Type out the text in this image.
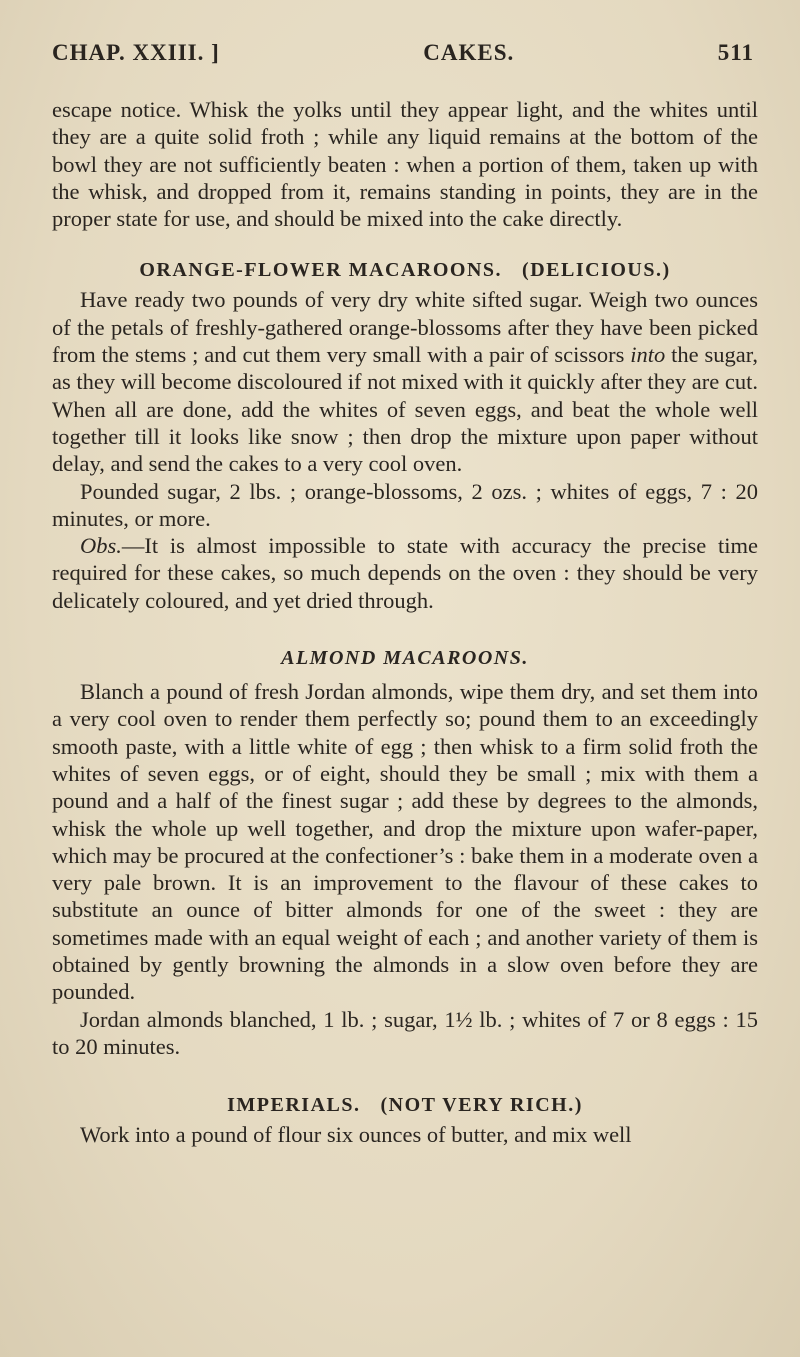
CHAP. XXIII. ]	CAKES.	511

escape notice. Whisk the yolks until they appear light, and the whites until they are a quite solid froth ; while any liquid remains at the bottom of the bowl they are not sufficiently beaten : when a portion of them, taken up with the whisk, and dropped from it, remains standing in points, they are in the proper state for use, and should be mixed into the cake directly.

ORANGE-FLOWER MACAROONS. (DELICIOUS.)

Have ready two pounds of very dry white sifted sugar. Weigh two ounces of the petals of freshly-gathered orange-blossoms after they have been picked from the stems ; and cut them very small with a pair of scissors into the sugar, as they will become discoloured if not mixed with it quickly after they are cut. When all are done, add the whites of seven eggs, and beat the whole well together till it looks like snow ; then drop the mixture upon paper without delay, and send the cakes to a very cool oven.

Pounded sugar, 2 lbs. ; orange-blossoms, 2 ozs. ; whites of eggs, 7 : 20 minutes, or more.

Obs.—It is almost impossible to state with accuracy the precise time required for these cakes, so much depends on the oven : they should be very delicately coloured, and yet dried through.

ALMOND MACAROONS.

Blanch a pound of fresh Jordan almonds, wipe them dry, and set them into a very cool oven to render them perfectly so; pound them to an exceedingly smooth paste, with a little white of egg ; then whisk to a firm solid froth the whites of seven eggs, or of eight, should they be small ; mix with them a pound and a half of the finest sugar ; add these by degrees to the almonds, whisk the whole up well together, and drop the mixture upon wafer-paper, which may be procured at the confectioner’s : bake them in a moderate oven a very pale brown. It is an improvement to the flavour of these cakes to substitute an ounce of bitter almonds for one of the sweet : they are sometimes made with an equal weight of each ; and another variety of them is obtained by gently browning the almonds in a slow oven before they are pounded.

Jordan almonds blanched, 1 lb. ; sugar, 1½ lb. ; whites of 7 or 8 eggs : 15 to 20 minutes.

IMPERIALS. (NOT VERY RICH.)

Work into a pound of flour six ounces of butter, and mix well
